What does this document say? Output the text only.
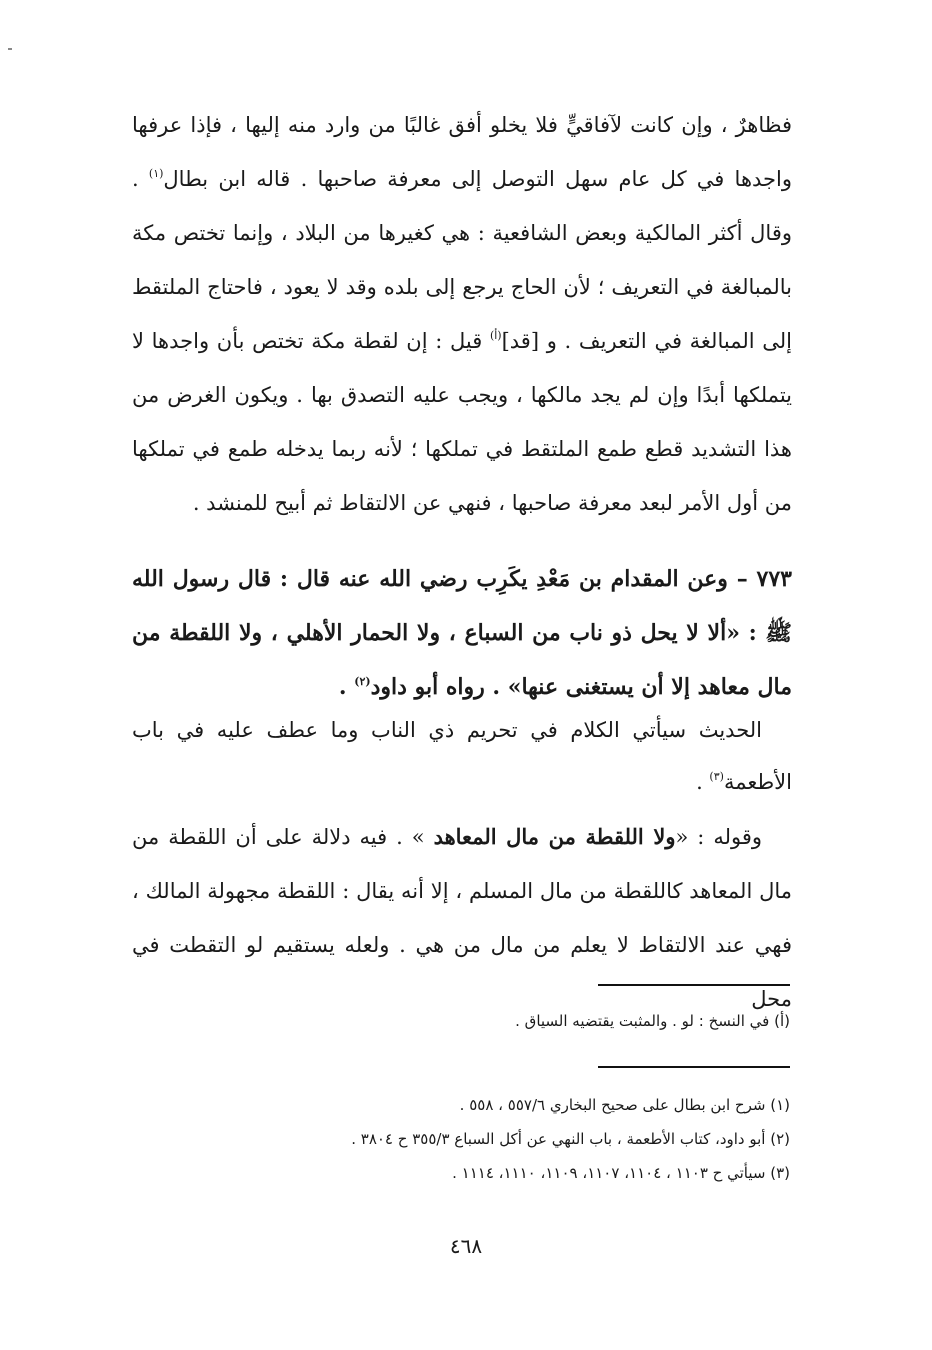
فظاهرٌ ، وإن كانت لآفاقيٍّ فلا يخلو أفق غالبًا من وارد منه إليها ، فإذا عرفها واجدها في كل عام سهل التوصل إلى معرفة صاحبها . قاله ابن بطال$^{(١)}$ . وقال أكثر المالكية وبعض الشافعية : هي كغيرها من البلاد ، وإنما تختص مكة بالمبالغة في التعريف ؛ لأن الحاج يرجع إلى بلده وقد لا يعود ، فاحتاج الملتقط إلى المبالغة في التعريف . و [قد]$^{(أ)}$ قيل : إن لقطة مكة تختص بأن واجدها لا يتملكها أبدًا وإن لم يجد مالكها ، ويجب عليه التصدق بها . ويكون الغرض من هذا التشديد قطع طمع الملتقط في تملكها ؛ لأنه ربما يدخله طمع في تملكها من أول الأمر لبعد معرفة صاحبها ، فنهي عن الالتقاط ثم أبيح للمنشد .

٧٧٣ – وعن المقدام بن مَعْدِ يكَرِب رضي الله عنه قال : قال رسول الله ﷺ : «ألا لا يحل ذو ناب من السباع ، ولا الحمار الأهلي ، ولا اللقطة من مال معاهد إلا أن يستغنى عنها» . رواه أبو داود$^{(٢)}$ .

الحديث سيأتي الكلام في تحريم ذي الناب وما عطف عليه في باب الأطعمة$^{(٣)}$ .

وقوله : «ولا اللقطة من مال المعاهد » . فيه دلالة على أن اللقطة من مال المعاهد كاللقطة من مال المسلم ، إلا أنه يقال : اللقطة مجهولة المالك ، فهي عند الالتقاط لا يعلم من مال من هي . ولعله يستقيم لو التقطت في محل

(أ) في النسخ : لو . والمثبت يقتضيه السياق .

(١) شرح ابن بطال على صحيح البخاري ٥٥٧/٦ ، ٥٥٨ .

(٢) أبو داود، كتاب الأطعمة ، باب النهي عن أكل السباع ٣٥٥/٣ ح ٣٨٠٤ .

(٣) سيأتي ح ١١٠٣ ، ١١٠٤، ١١٠٧، ١١٠٩، ١١١٠، ١١١٤ .

٤٦٨
